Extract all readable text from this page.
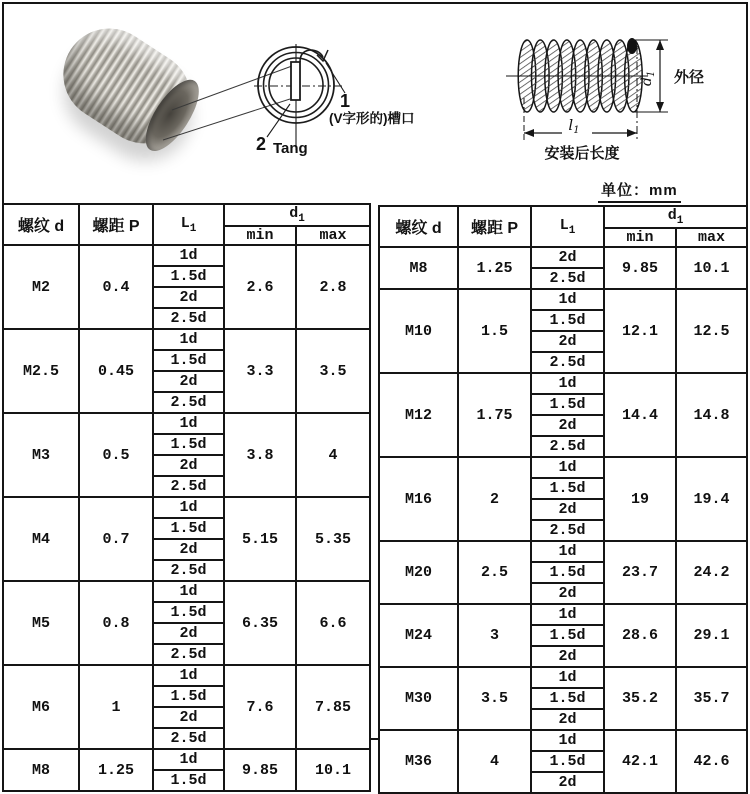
1
(V字形的)槽口
2 Tang
$d_1$ 外径
$l_1$
安装后长度
单位：mm
螺纹 d	螺距 P	$L_1$	$d_1$
			min	max
M2	0.4	1d	2.6	2.8
		1.5d		
		2d		
		2.5d		
M2.5	0.45	1d	3.3	3.5
		1.5d		
		2d		
		2.5d		
M3	0.5	1d	3.8	4
		1.5d		
		2d		
		2.5d		
M4	0.7	1d	5.15	5.35
		1.5d		
		2d		
		2.5d		
M5	0.8	1d	6.35	6.6
		1.5d		
		2d		
		2.5d		
M6	1	1d	7.6	7.85
		1.5d		
		2d		
		2.5d		
M8	1.25	1d	9.85	10.1
		1.5d		
螺纹 d	螺距 P	$L_1$	$d_1$
			min	max
M8	1.25	2d	9.85	10.1
		2.5d		
M10	1.5	1d	12.1	12.5
		1.5d		
		2d		
		2.5d		
M12	1.75	1d	14.4	14.8
		1.5d		
		2d		
		2.5d		
M16	2	1d	19	19.4
		1.5d		
		2d		
		2.5d		
M20	2.5	1d	23.7	24.2
		1.5d		
		2d		
M24	3	1d	28.6	29.1
		1.5d		
		2d		
M30	3.5	1d	35.2	35.7
		1.5d		
		2d		
M36	4	1d	42.1	42.6
		1.5d		
		2d		
